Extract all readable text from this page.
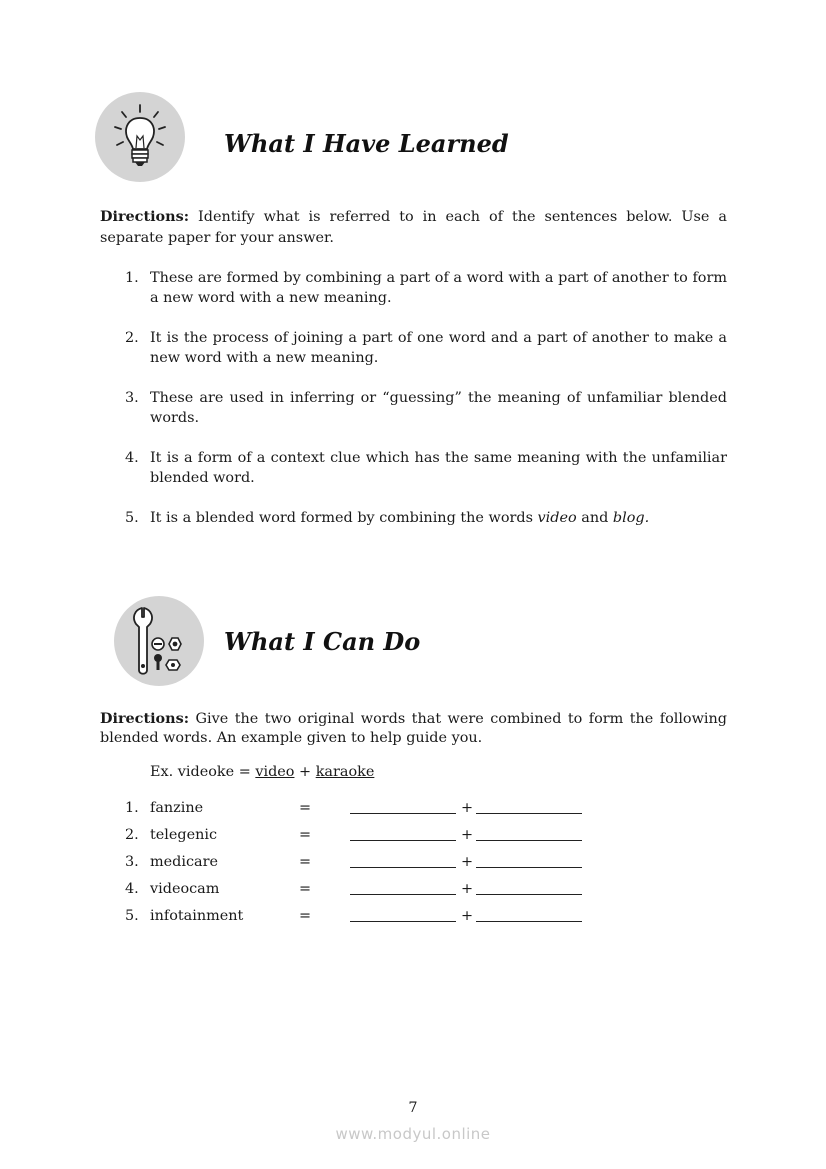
What I Have Learned

Directions: Identify what is referred to in each of the sentences below. Use a separate paper for your answer.

1. These are formed by combining a part of a word with a part of another to form a new word with a new meaning.
2. It is the process of joining a part of one word and a part of another to make a new word with a new meaning.
3. These are used in inferring or “guessing” the meaning of unfamiliar blended words.
4. It is a form of a context clue which has the same meaning with the unfamiliar blended word.
5. It is a blended word formed by combining the words video and blog.
What I Can Do

Directions: Give the two original words that were combined to form the following blended words. An example given to help guide you.

Ex. videoke = video + karaoke
1. fanzine	=	+
2. telegenic	=	+
3. medicare	=	+
4. videocam	=	+
5. infotainment	=	+
7
www.modyul.online
